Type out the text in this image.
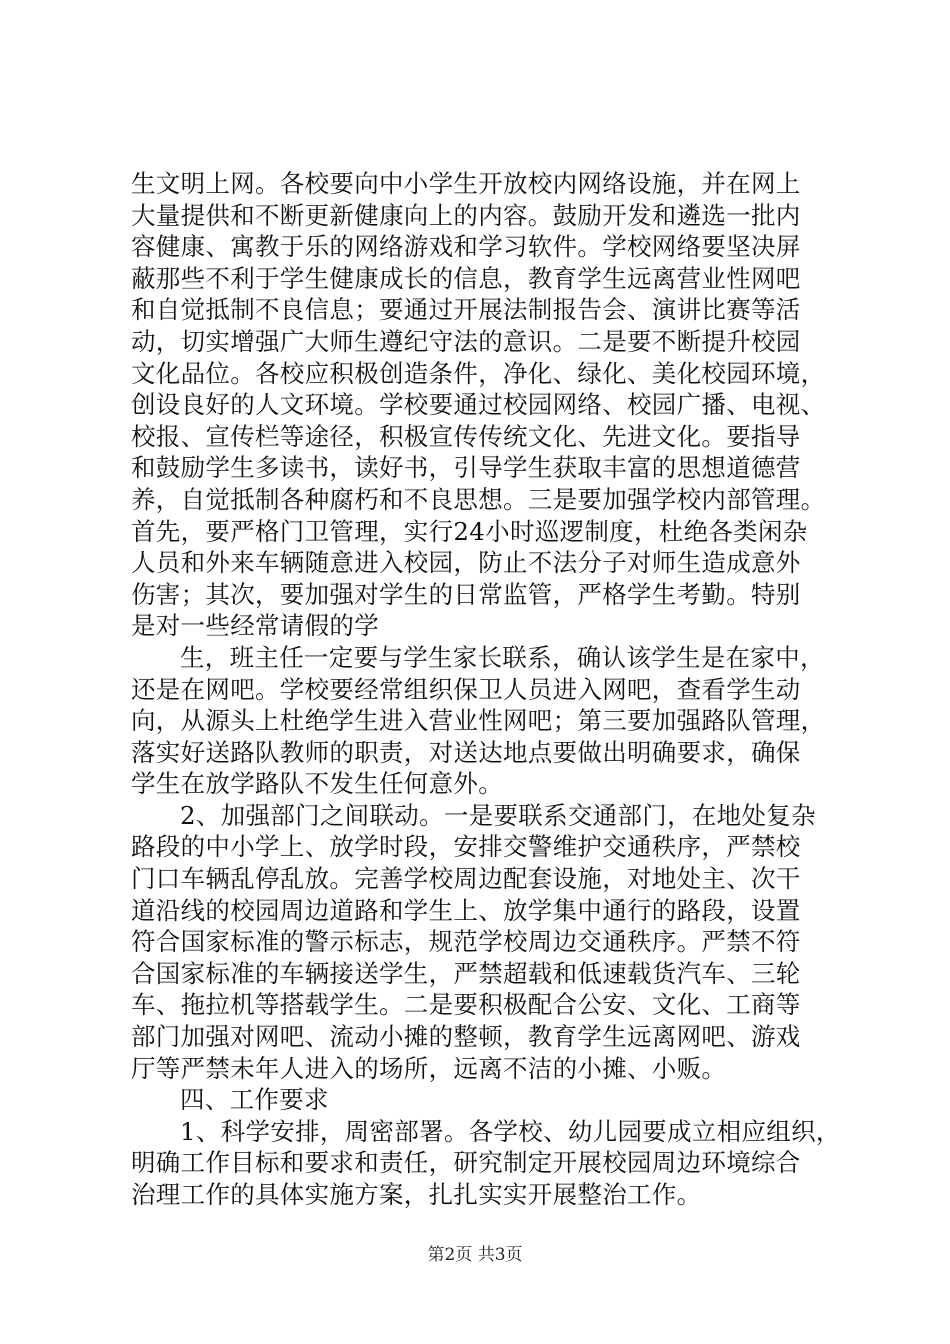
生文明上网。各校要向中小学生开放校内网络设施，并在网上
大量提供和不断更新健康向上的内容。鼓励开发和遴选一批内
容健康、寓教于乐的网络游戏和学习软件。学校网络要坚决屏
蔽那些不利于学生健康成长的信息，教育学生远离营业性网吧
和自觉抵制不良信息；要通过开展法制报告会、演讲比赛等活
动，切实增强广大师生遵纪守法的意识。二是要不断提升校园
文化品位。各校应积极创造条件，净化、绿化、美化校园环境，
创设良好的人文环境。学校要通过校园网络、校园广播、电视、
校报、宣传栏等途径，积极宣传传统文化、先进文化。要指导
和鼓励学生多读书，读好书，引导学生获取丰富的思想道德营
养，自觉抵制各种腐朽和不良思想。三是要加强学校内部管理。
首先，要严格门卫管理，实行24小时巡逻制度，杜绝各类闲杂
人员和外来车辆随意进入校园，防止不法分子对师生造成意外
伤害；其次，要加强对学生的日常监管，严格学生考勤。特别
是对一些经常请假的学
生，班主任一定要与学生家长联系，确认该学生是在家中，
还是在网吧。学校要经常组织保卫人员进入网吧，查看学生动
向，从源头上杜绝学生进入营业性网吧；第三要加强路队管理，
落实好送路队教师的职责，对送达地点要做出明确要求，确保
学生在放学路队不发生任何意外。
2、加强部门之间联动。一是要联系交通部门，在地处复杂
路段的中小学上、放学时段，安排交警维护交通秩序，严禁校
门口车辆乱停乱放。完善学校周边配套设施，对地处主、次干
道沿线的校园周边道路和学生上、放学集中通行的路段，设置
符合国家标准的警示标志，规范学校周边交通秩序。严禁不符
合国家标准的车辆接送学生，严禁超载和低速载货汽车、三轮
车、拖拉机等搭载学生。二是要积极配合公安、文化、工商等
部门加强对网吧、流动小摊的整顿，教育学生远离网吧、游戏
厅等严禁未年人进入的场所，远离不洁的小摊、小贩。
四、工作要求
1、科学安排，周密部署。各学校、幼儿园要成立相应组织，
明确工作目标和要求和责任，研究制定开展校园周边环境综合
治理工作的具体实施方案，扎扎实实开展整治工作。
第2页 共3页
